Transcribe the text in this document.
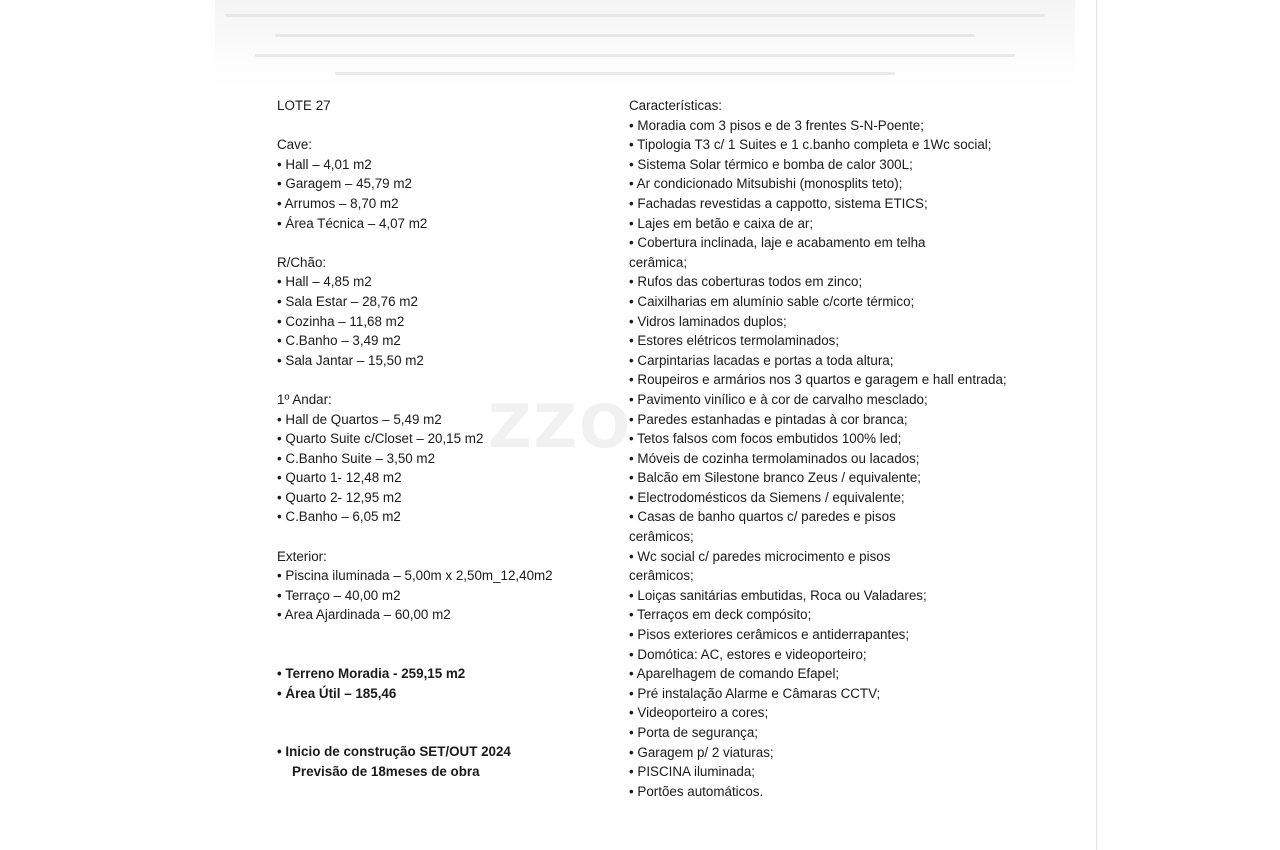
ZZO
LOTE 27
Cave:
• Hall – 4,01 m2
• Garagem – 45,79 m2
• Arrumos – 8,70 m2
• Área Técnica – 4,07 m2
R/Chão:
• Hall – 4,85 m2
• Sala Estar – 28,76 m2
• Cozinha – 11,68 m2
• C.Banho – 3,49 m2
• Sala Jantar – 15,50 m2
1º Andar:
• Hall de Quartos – 5,49 m2
• Quarto Suite c/Closet – 20,15 m2
• C.Banho Suite – 3,50 m2
• Quarto 1- 12,48 m2
• Quarto 2- 12,95 m2
• C.Banho – 6,05 m2
Exterior:
• Piscina iluminada – 5,00m x 2,50m_12,40m2
• Terraço – 40,00 m2
• Area Ajardinada – 60,00 m2
• Terreno Moradia - 259,15 m2
• Área Útil – 185,46
• Inicio de construção SET/OUT 2024
Previsão de 18meses de obra
Características:
• Moradia com 3 pisos e de 3 frentes S-N-Poente;
• Tipologia T3 c/ 1 Suites e 1 c.banho completa e 1Wc social;
• Sistema Solar térmico e bomba de calor 300L;
• Ar condicionado Mitsubishi (monosplits teto);
• Fachadas revestidas a cappotto, sistema ETICS;
• Lajes em betão e caixa de ar;
• Cobertura inclinada, laje e acabamento em telha
cerâmica;
• Rufos das coberturas todos em zinco;
• Caixilharias em alumínio sable c/corte térmico;
• Vidros laminados duplos;
• Estores elétricos termolaminados;
• Carpintarias lacadas e portas a toda altura;
• Roupeiros e armários nos 3 quartos e garagem e hall entrada;
• Pavimento vinílico e à cor de carvalho mesclado;
• Paredes estanhadas e pintadas à cor branca;
• Tetos falsos com focos embutidos 100% led;
• Móveis de cozinha termolaminados ou lacados;
• Balcão em Silestone branco Zeus / equivalente;
• Electrodomésticos da Siemens / equivalente;
• Casas de banho quartos c/ paredes e pisos
cerâmicos;
• Wc social c/ paredes microcimento e pisos
cerâmicos;
• Loiças sanitárias embutidas, Roca ou Valadares;
• Terraços em deck compósito;
• Pisos exteriores cerâmicos e antiderrapantes;
• Domótica: AC, estores e videoporteiro;
• Aparelhagem de comando Efapel;
• Pré instalação Alarme e Câmaras CCTV;
• Videoporteiro a cores;
• Porta de segurança;
• Garagem p/ 2 viaturas;
• PISCINA iluminada;
• Portões automáticos.
